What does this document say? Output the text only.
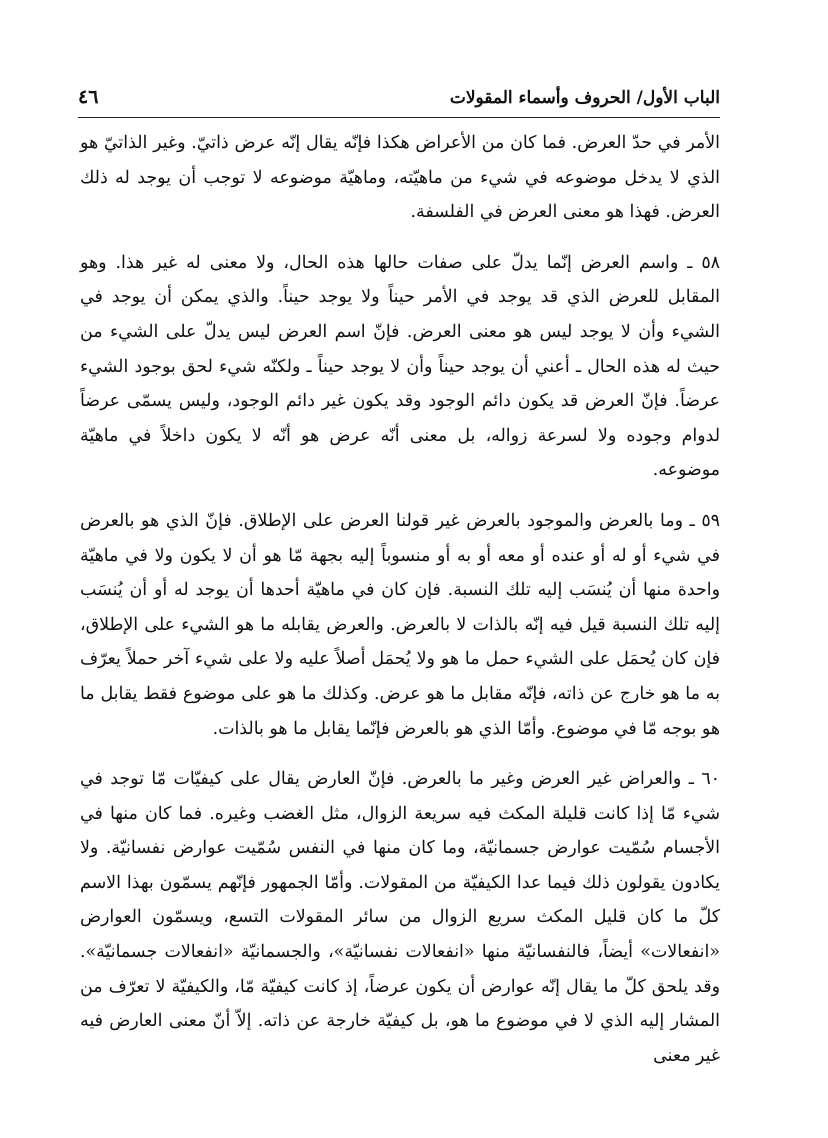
الباب الأول/ الحروف وأسماء المقولات
٤٦

الأمر في حدّ العرض. فما كان من الأعراض هكذا فإنّه يقال إنّه عرض ذاتيّ. وغير الذاتيّ هو الذي لا يدخل موضوعه في شيء من ماهيّته، وماهيّة موضوعه لا توجب أن يوجد له ذلك العرض. فهذا هو معنى العرض في الفلسفة.

٥٨ ـ واسم العرض إنّما يدلّ على صفات حالها هذه الحال، ولا معنى له غير هذا. وهو المقابل للعرض الذي قد يوجد في الأمر حيناً ولا يوجد حيناً. والذي يمكن أن يوجد في الشيء وأن لا يوجد ليس هو معنى العرض. فإنّ اسم العرض ليس يدلّ على الشيء من حيث له هذه الحال ـ أعني أن يوجد حيناً وأن لا يوجد حيناً ـ ولكنّه شيء لحق بوجود الشيء عرضاً. فإنّ العرض قد يكون دائم الوجود وقد يكون غير دائم الوجود، وليس يسمّى عرضاً لدوام وجوده ولا لسرعة زواله، بل معنى أنّه عرض هو أنّه لا يكون داخلاً في ماهيّة موضوعه.

٥٩ ـ وما بالعرض والموجود بالعرض غير قولنا العرض على الإطلاق. فإنّ الذي هو بالعرض في شيء أو له أو عنده أو معه أو به أو منسوباً إليه بجهة مّا هو أن لا يكون ولا في ماهيّة واحدة منها أن يُنسَب إليه تلك النسبة. فإن كان في ماهيّة أحدها أن يوجد له أو أن يُنسَب إليه تلك النسبة قيل فيه إنّه بالذات لا بالعرض. والعرض يقابله ما هو الشيء على الإطلاق، فإن كان يُحمَل على الشيء حمل ما هو ولا يُحمَل أصلاً عليه ولا على شيء آخر حملاً يعرّف به ما هو خارج عن ذاته، فإنّه مقابل ما هو عرض. وكذلك ما هو على موضوع فقط يقابل ما هو بوجه مّا في موضوع. وأمّا الذي هو بالعرض فإنّما يقابل ما هو بالذات.

٦٠ ـ والعراض غير العرض وغير ما بالعرض. فإنّ العارض يقال على كيفيّات مّا توجد في شيء مّا إذا كانت قليلة المكث فيه سريعة الزوال، مثل الغضب وغيره. فما كان منها في الأجسام سُمّيت عوارض جسمانيّة، وما كان منها في النفس سُمّيت عوارض نفسانيّة. ولا يكادون يقولون ذلك فيما عدا الكيفيّة من المقولات. وأمّا الجمهور فإنّهم يسمّون بهذا الاسم كلّ ما كان قليل المكث سريع الزوال من سائر المقولات التسع، ويسمّون العوارض «انفعالات» أيضاً، فالنفسانيّة منها «انفعالات نفسانيّة»، والجسمانيّة «انفعالات جسمانيّة». وقد يلحق كلّ ما يقال إنّه عوارض أن يكون عرضاً، إذ كانت كيفيّة مّا، والكيفيّة لا تعرّف من المشار إليه الذي لا في موضوع ما هو، بل كيفيّة خارجة عن ذاته. إلاّ أنّ معنى العارض فيه غير معنى
